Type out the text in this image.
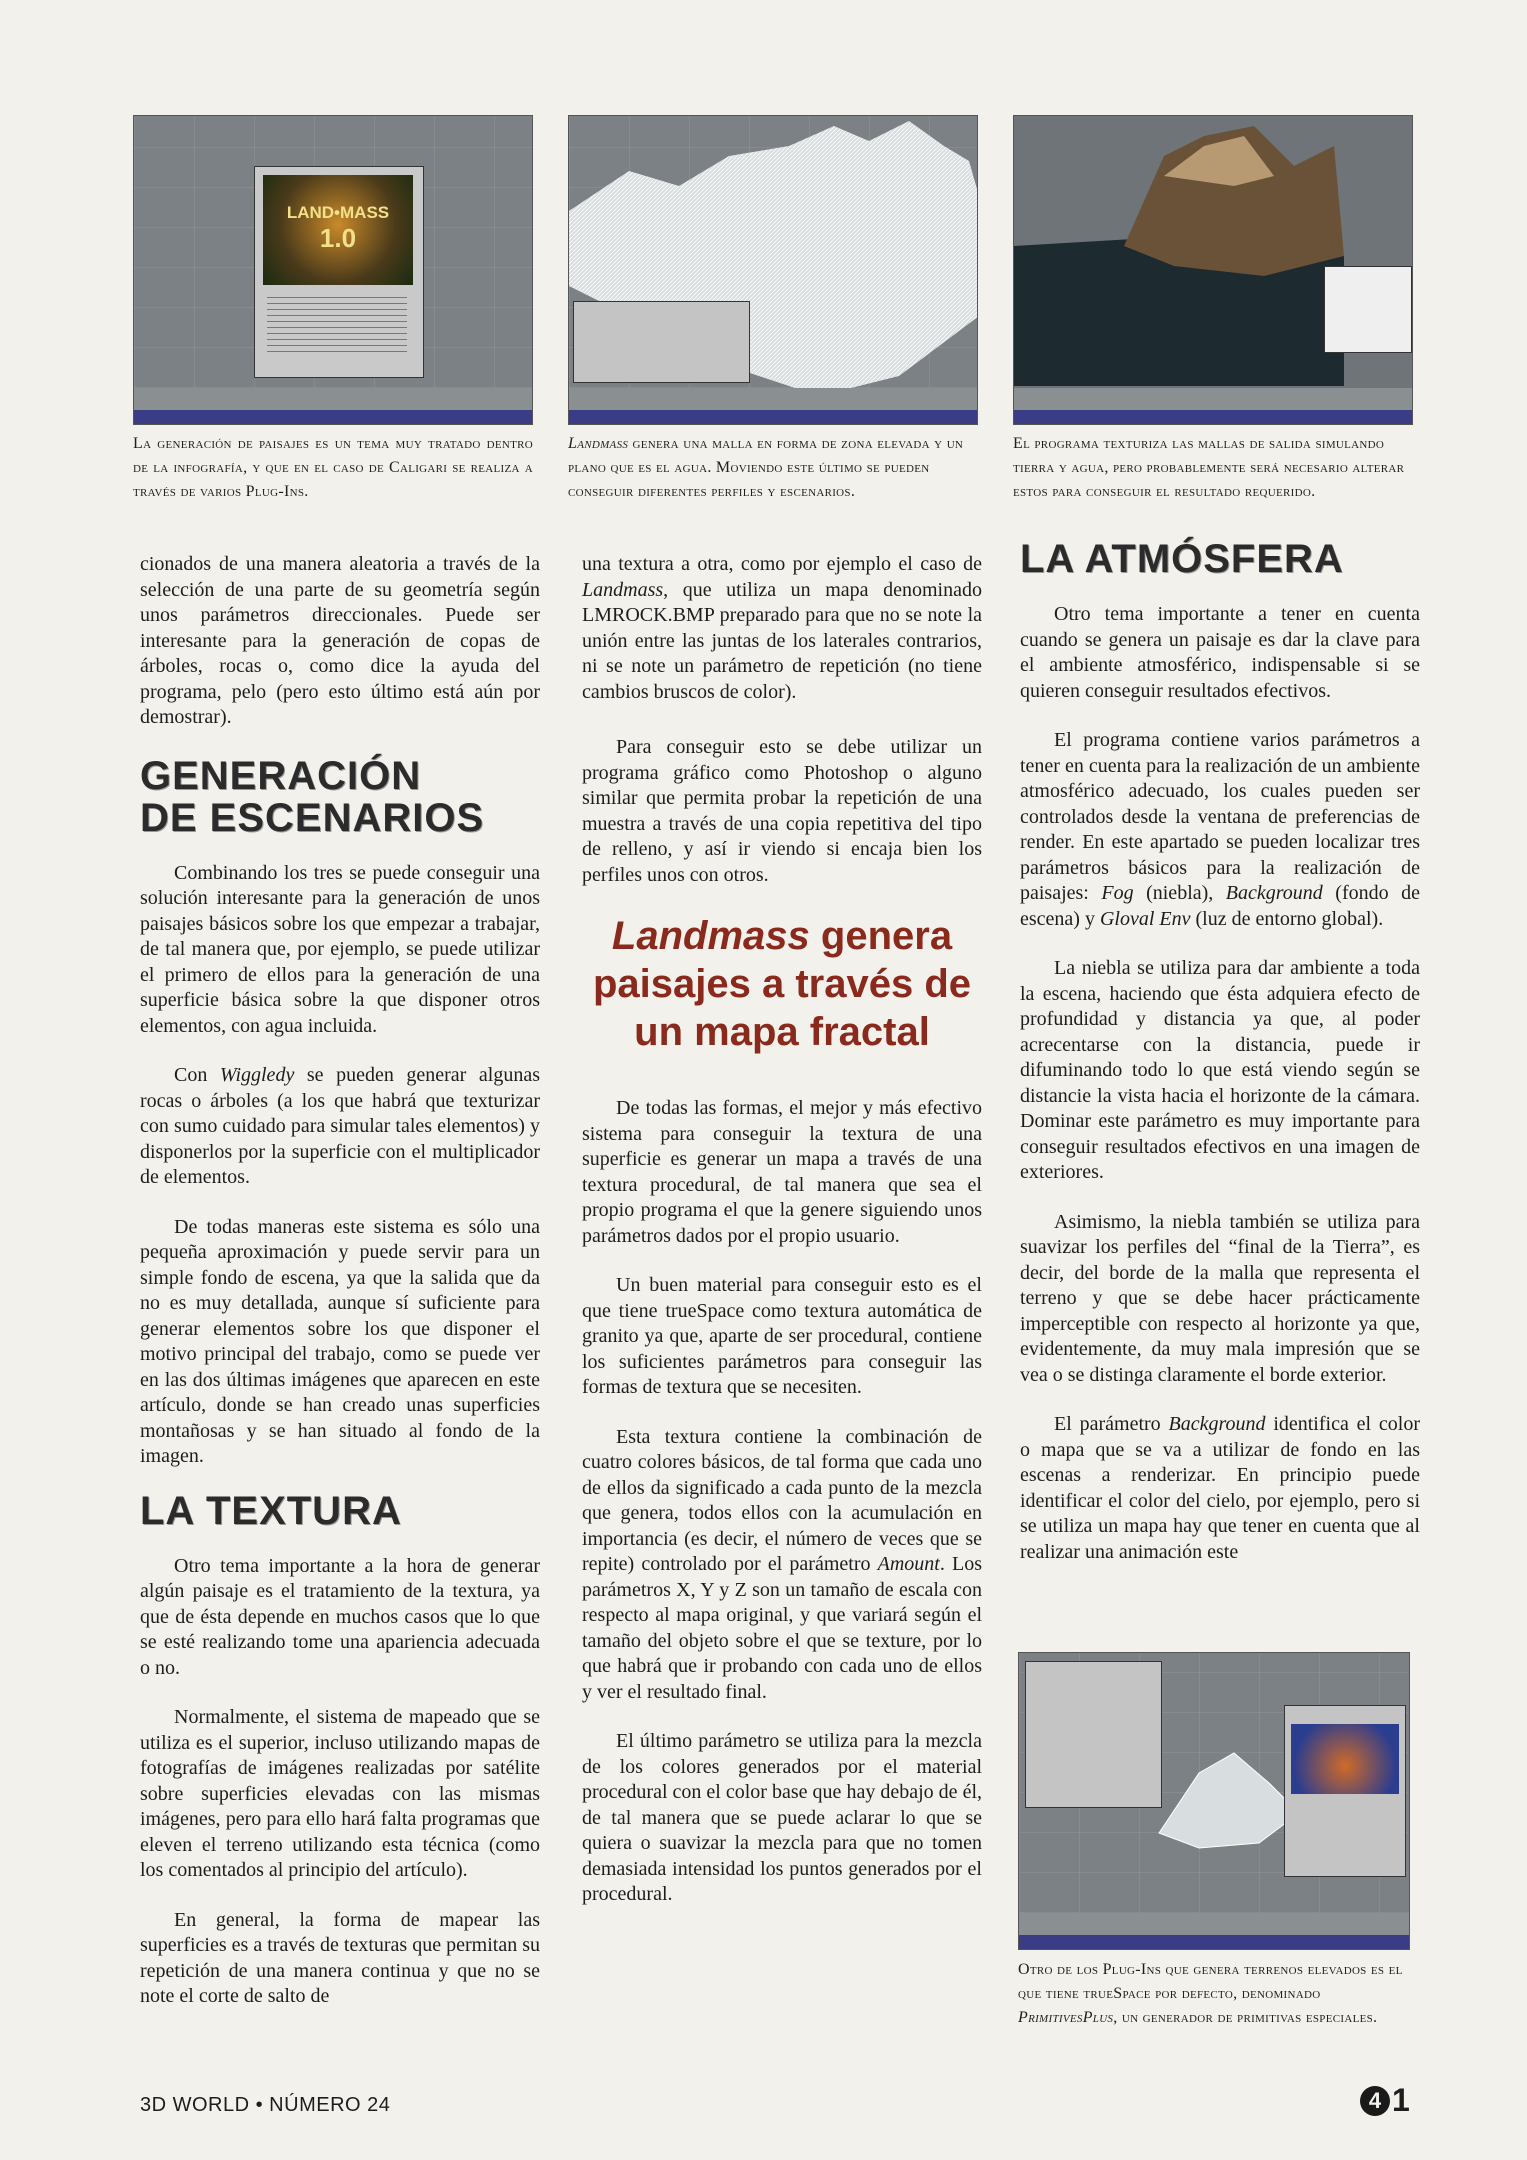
LAND•MASS
1.0
La generación de paisajes es un tema muy tratado dentro de la infografía, y que en el caso de Caligari se realiza a través de varios Plug-Ins.
Landmass genera una malla en forma de zona elevada y un plano que es el agua. Moviendo este último se pueden conseguir diferentes perfiles y escenarios.
El programa texturiza las mallas de salida simulando tierra y agua, pero probablemente será necesario alterar estos para conseguir el resultado requerido.

cionados de una manera aleatoria a través de la selección de una parte de su geometría según unos parámetros direccionales. Puede ser interesante para la generación de copas de árboles, rocas o, como dice la ayuda del programa, pelo (pero esto último está aún por demostrar).

GENERACIÓN
DE ESCENARIOS

Combinando los tres se puede conseguir una solución interesante para la generación de unos paisajes básicos sobre los que empezar a trabajar, de tal manera que, por ejemplo, se puede utilizar el primero de ellos para la generación de una superficie básica sobre la que disponer otros elementos, con agua incluida.

Con Wiggledy se pueden generar algunas rocas o árboles (a los que habrá que texturizar con sumo cuidado para simular tales elementos) y disponerlos por la superficie con el multiplicador de elementos.

De todas maneras este sistema es sólo una pequeña aproximación y puede servir para un simple fondo de escena, ya que la salida que da no es muy detallada, aunque sí suficiente para generar elementos sobre los que disponer el motivo principal del trabajo, como se puede ver en las dos últimas imágenes que aparecen en este artículo, donde se han creado unas superficies montañosas y se han situado al fondo de la imagen.

LA TEXTURA

Otro tema importante a la hora de generar algún paisaje es el tratamiento de la textura, ya que de ésta depende en muchos casos que lo que se esté realizando tome una apariencia adecuada o no.

Normalmente, el sistema de mapeado que se utiliza es el superior, incluso utilizando mapas de fotografías de imágenes realizadas por satélite sobre superficies elevadas con las mismas imágenes, pero para ello hará falta programas que eleven el terreno utilizando esta técnica (como los comentados al principio del artículo).

En general, la forma de mapear las superficies es a través de texturas que permitan su repetición de una manera continua y que no se note el corte de salto de

una textura a otra, como por ejemplo el caso de Landmass, que utiliza un mapa denominado LMROCK.BMP preparado para que no se note la unión entre las juntas de los laterales contrarios, ni se note un parámetro de repetición (no tiene cambios bruscos de color).

Para conseguir esto se debe utilizar un programa gráfico como Photoshop o alguno similar que permita probar la repetición de una muestra a través de una copia repetitiva del tipo de relleno, y así ir viendo si encaja bien los perfiles unos con otros.

Landmass genera
paisajes a través de
un mapa fractal

De todas las formas, el mejor y más efectivo sistema para conseguir la textura de una superficie es generar un mapa a través de una textura procedural, de tal manera que sea el propio programa el que la genere siguiendo unos parámetros dados por el propio usuario.

Un buen material para conseguir esto es el que tiene trueSpace como textura automática de granito ya que, aparte de ser procedural, contiene los suficientes parámetros para conseguir las formas de textura que se necesiten.

Esta textura contiene la combinación de cuatro colores básicos, de tal forma que cada uno de ellos da significado a cada punto de la mezcla que genera, todos ellos con la acumulación en importancia (es decir, el número de veces que se repite) controlado por el parámetro Amount. Los parámetros X, Y y Z son un tamaño de escala con respecto al mapa original, y que variará según el tamaño del objeto sobre el que se texture, por lo que habrá que ir probando con cada uno de ellos y ver el resultado final.

El último parámetro se utiliza para la mezcla de los colores generados por el material procedural con el color base que hay debajo de él, de tal manera que se puede aclarar lo que se quiera o suavizar la mezcla para que no tomen demasiada intensidad los puntos generados por el procedural.

LA ATMÓSFERA

Otro tema importante a tener en cuenta cuando se genera un paisaje es dar la clave para el ambiente atmosférico, indispensable si se quieren conseguir resultados efectivos.

El programa contiene varios parámetros a tener en cuenta para la realización de un ambiente atmosférico adecuado, los cuales pueden ser controlados desde la ventana de preferencias de render. En este apartado se pueden localizar tres parámetros básicos para la realización de paisajes: Fog (niebla), Background (fondo de escena) y Gloval Env (luz de entorno global).

La niebla se utiliza para dar ambiente a toda la escena, haciendo que ésta adquiera efecto de profundidad y distancia ya que, al poder acrecentarse con la distancia, puede ir difuminando todo lo que está viendo según se distancie la vista hacia el horizonte de la cámara. Dominar este parámetro es muy importante para conseguir resultados efectivos en una imagen de exteriores.

Asimismo, la niebla también se utiliza para suavizar los perfiles del “final de la Tierra”, es decir, del borde de la malla que representa el terreno y que se debe hacer prácticamente imperceptible con respecto al horizonte ya que, evidentemente, da muy mala impresión que se vea o se distinga claramente el borde exterior.

El parámetro Background identifica el color o mapa que se va a utilizar de fondo en las escenas a renderizar. En principio puede identificar el color del cielo, por ejemplo, pero si se utiliza un mapa hay que tener en cuenta que al realizar una animación este

Otro de los Plug-Ins que genera terrenos elevados es el que tiene trueSpace por defecto, denominado PrimitivesPlus, un generador de primitivas especiales.
3D WORLD • NÚMERO 24	4 1
